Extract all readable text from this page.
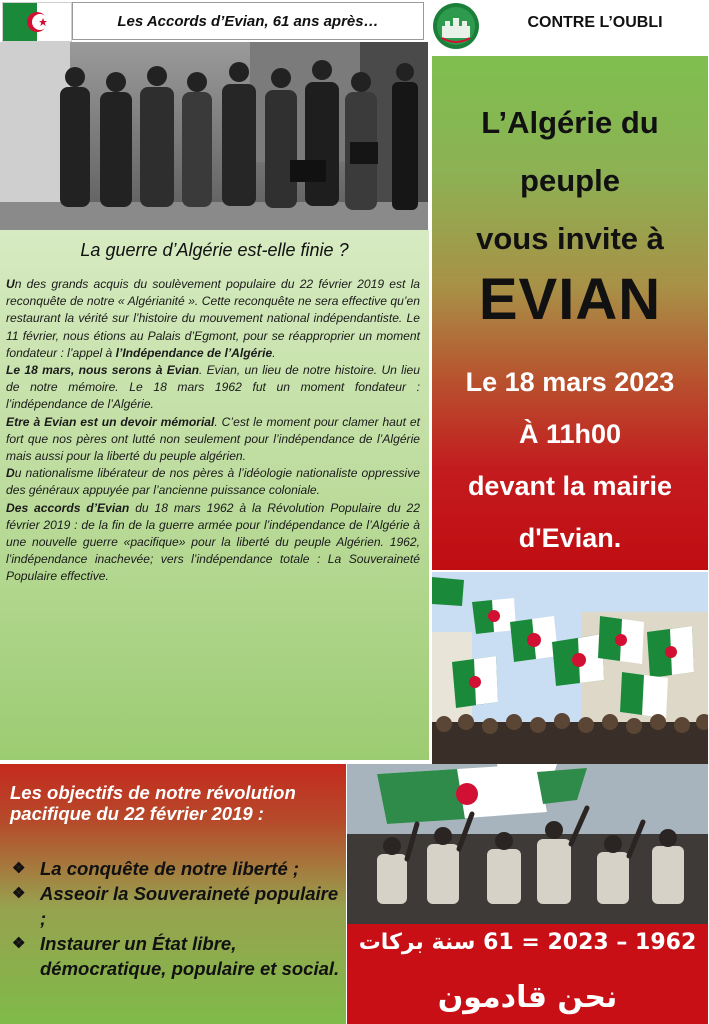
Les Accords d’Evian, 61 ans après…	CONTRE L’OUBLI
La guerre d’Algérie est-elle finie ?

Un des grands acquis du soulèvement populaire du 22 février 2019 est la reconquête de notre « Algérianité ». Cette reconquête ne sera effective qu’en restaurant la vérité sur l’histoire du mouvement national indépendantiste. Le 11 février, nous étions au Palais d’Egmont, pour se réapproprier un moment fondateur : l’appel à l’Indépendance de l’Algérie.

Le 18 mars, nous serons à Evian. Evian, un lieu de notre histoire. Un lieu de notre mémoire. Le 18 mars 1962 fut un moment fondateur : l’indépendance de l’Algérie.

Etre à Evian est un devoir mémorial. C’est le moment pour clamer haut et fort que nos pères ont lutté non seulement pour l’indépendance de l’Algérie mais aussi pour la liberté du peuple algérien.

Du nationalisme libérateur de nos pères à l’idéologie nationaliste oppressive des généraux appuyée par l’ancienne puissance coloniale.

Des accords d’Evian du 18 mars 1962 à la Révolution Populaire du 22 février 2019 : de la fin de la guerre armée pour l’indépendance de l’Algérie à une nouvelle guerre «pacifique» pour la liberté du peuple Algérien. 1962, l’indépendance inachevée; vers l’indépendance totale : La Souveraineté Populaire effective.

L’Algérie du
peuple
vous invite à
EVIAN
Le 18 mars 2023
À 11h00
devant la mairie
d'Evian.
Les objectifs de notre révolution pacifique du 22 février 2019 :
❖ La conquête de notre liberté ;
❖ Asseoir la Souveraineté populaire ;
❖ Instaurer un État libre, démocratique, populaire et social.
1962 – 2023 = 61 سنة بركات
نحن قادمون
